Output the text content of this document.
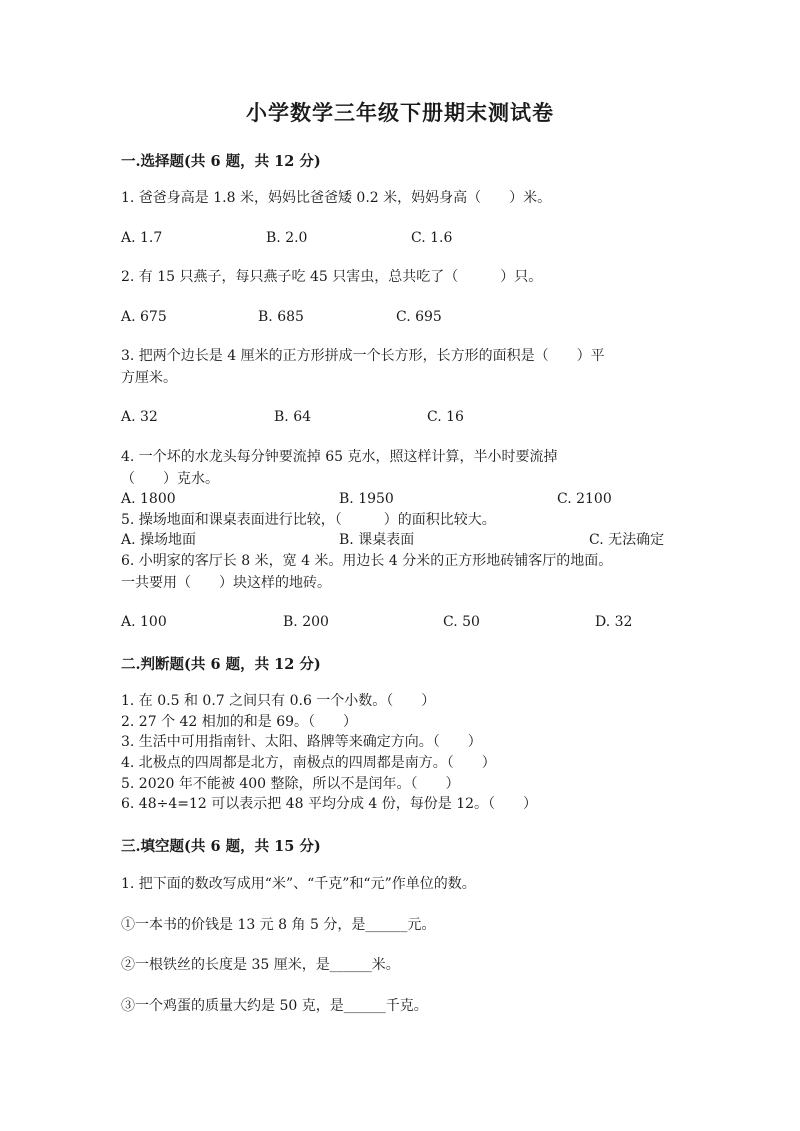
小学数学三年级下册期末测试卷
一.选择题(共 6 题，共 12 分)
1. 爸爸身高是 1.8 米，妈妈比爸爸矮 0.2 米，妈妈身高（　　）米。
A. 1.7	B. 2.0	C. 1.6
2. 有 15 只燕子，每只燕子吃 45 只害虫，总共吃了（　　　）只。
A. 675	B. 685	C. 695
3. 把两个边长是 4 厘米的正方形拼成一个长方形，长方形的面积是（　　）平
方厘米。
A. 32	B. 64	C. 16
4. 一个坏的水龙头每分钟要流掉 65 克水，照这样计算，半小时要流掉
（　　）克水。
A. 1800	B. 1950	C. 2100
5. 操场地面和课桌表面进行比较，（　　　）的面积比较大。
A. 操场地面	B. 课桌表面	C. 无法确定
6. 小明家的客厅长 8 米，宽 4 米。用边长 4 分米的正方形地砖铺客厅的地面。
一共要用（　　）块这样的地砖。
A. 100	B. 200	C. 50	D. 32
二.判断题(共 6 题，共 12 分)
1. 在 0.5 和 0.7 之间只有 0.6 一个小数。（　　）
2. 27 个 42 相加的和是 69。（　　）
3. 生活中可用指南针、太阳、路牌等来确定方向。（　　）
4. 北极点的四周都是北方，南极点的四周都是南方。（　　）
5. 2020 年不能被 400 整除，所以不是闰年。（　　）
6. 48÷4=12 可以表示把 48 平均分成 4 份，每份是 12。（　　）
三.填空题(共 6 题，共 15 分)
1. 把下面的数改写成用“米”、“千克”和“元”作单位的数。
①一本书的价钱是 13 元 8 角 5 分，是______元。
②一根铁丝的长度是 35 厘米，是______米。
③一个鸡蛋的质量大约是 50 克，是______千克。
